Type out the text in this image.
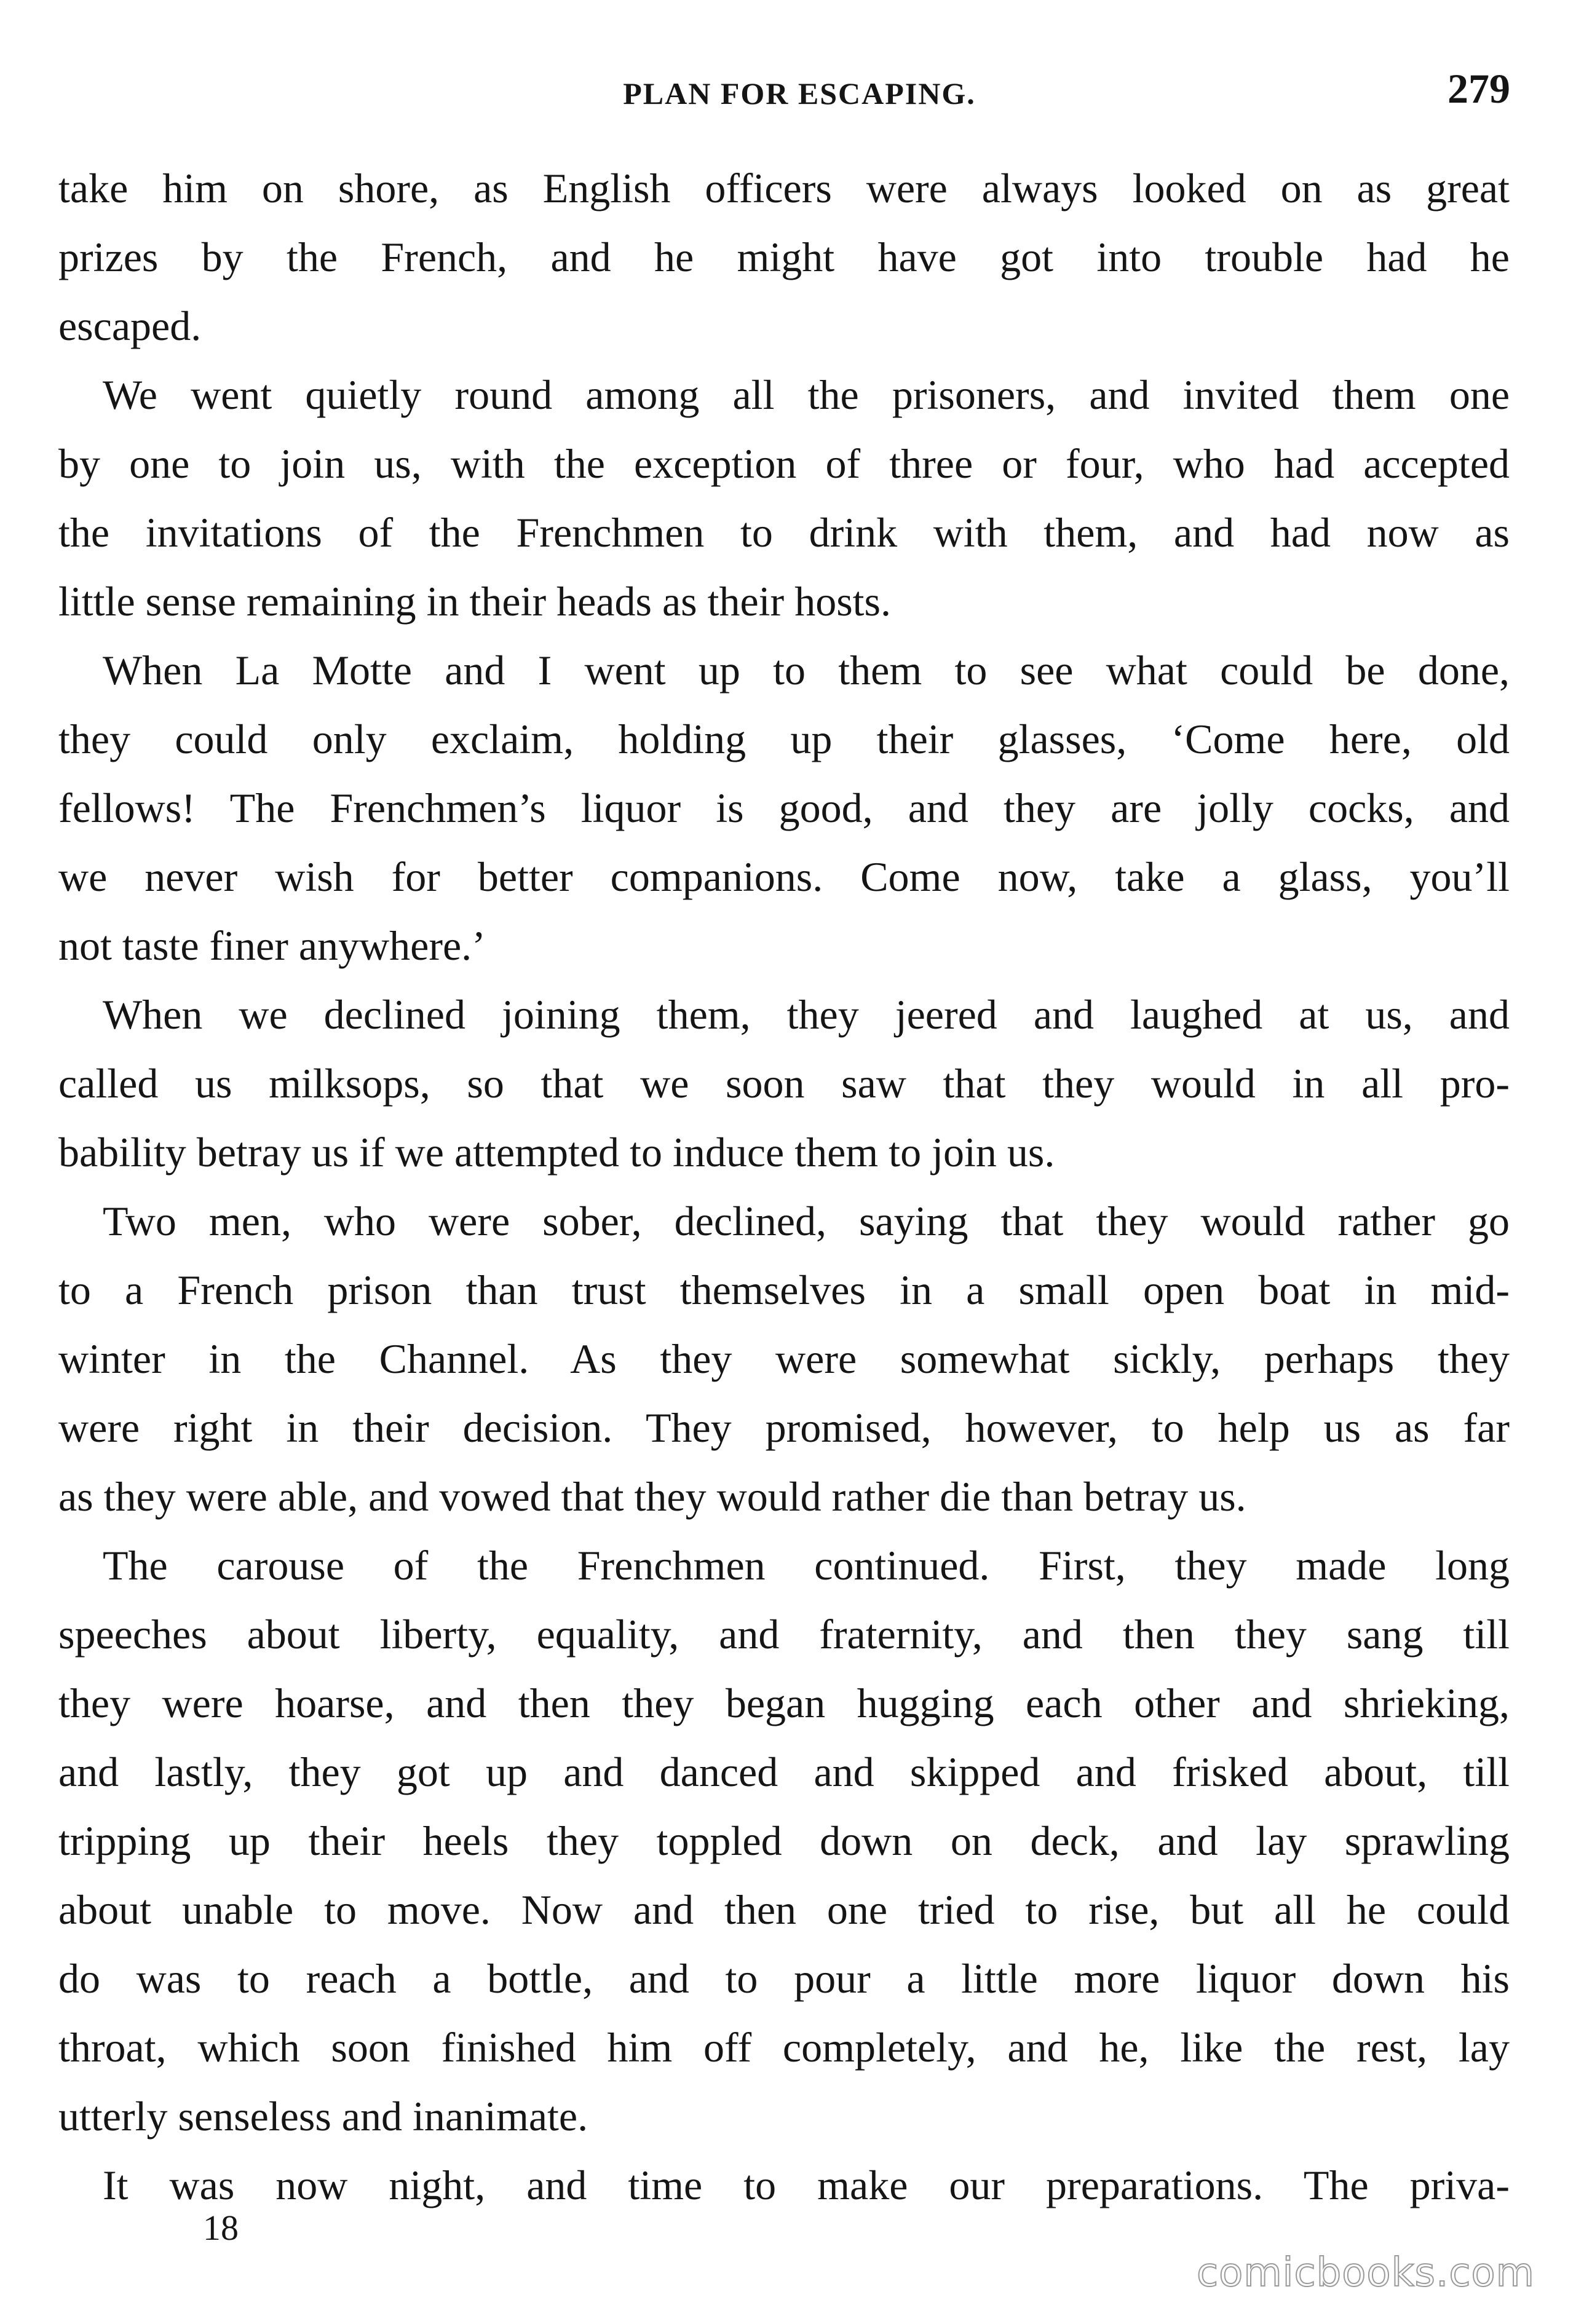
PLAN FOR ESCAPING.	279
take him on shore, as English officers were always looked on as great
prizes by the French, and he might have got into trouble had he
escaped.
We went quietly round among all the prisoners, and invited them one
by one to join us, with the exception of three or four, who had accepted
the invitations of the Frenchmen to drink with them, and had now as
little sense remaining in their heads as their hosts.
When La Motte and I went up to them to see what could be done,
they could only exclaim, holding up their glasses, ‘Come here, old
fellows! The Frenchmen’s liquor is good, and they are jolly cocks, and
we never wish for better companions. Come now, take a glass, you’ll
not taste finer anywhere.’
When we declined joining them, they jeered and laughed at us, and
called us milksops, so that we soon saw that they would in all pro-
bability betray us if we attempted to induce them to join us.
Two men, who were sober, declined, saying that they would rather go
to a French prison than trust themselves in a small open boat in mid-
winter in the Channel. As they were somewhat sickly, perhaps they
were right in their decision. They promised, however, to help us as far
as they were able, and vowed that they would rather die than betray us.
The carouse of the Frenchmen continued. First, they made long
speeches about liberty, equality, and fraternity, and then they sang till
they were hoarse, and then they began hugging each other and shrieking,
and lastly, they got up and danced and skipped and frisked about, till
tripping up their heels they toppled down on deck, and lay sprawling
about unable to move. Now and then one tried to rise, but all he could
do was to reach a bottle, and to pour a little more liquor down his
throat, which soon finished him off completely, and he, like the rest, lay
utterly senseless and inanimate.
It was now night, and time to make our preparations. The priva-
18
comicbooks.com
